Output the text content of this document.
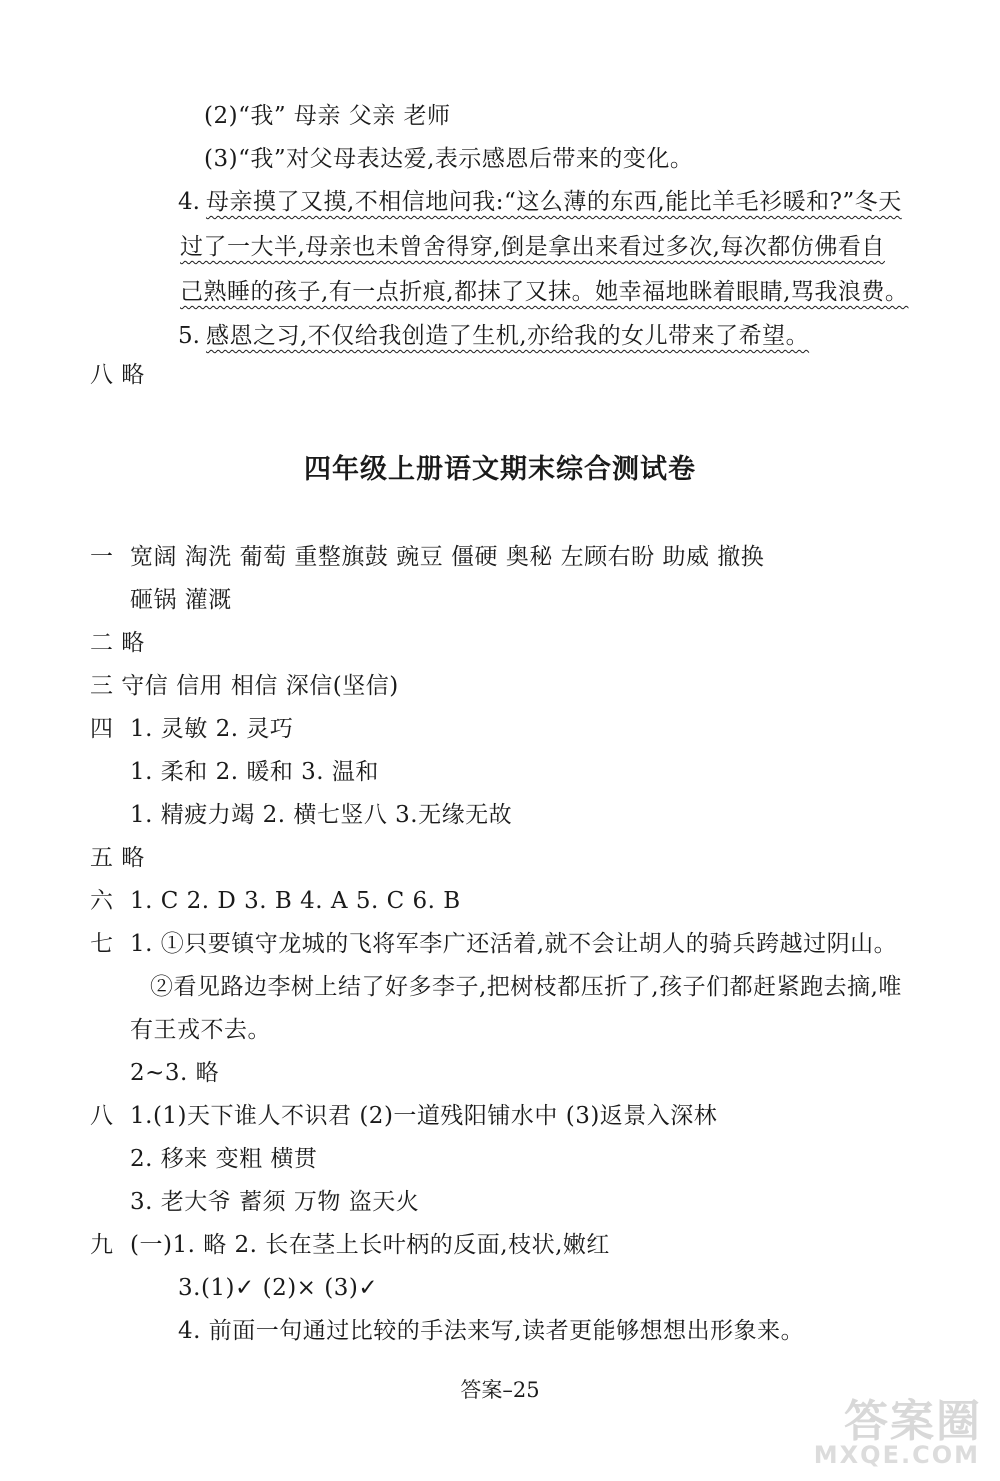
(2)“我” 母亲 父亲 老师
(3)“我”对父母表达爱,表示感恩后带来的变化。
4. 母亲摸了又摸,不相信地问我:“这么薄的东西,能比羊毛衫暖和?”冬天
过了一大半,母亲也未曾舍得穿,倒是拿出来看过多次,每次都仿佛看自
己熟睡的孩子,有一点折痕,都抹了又抹。她幸福地眯着眼睛,骂我浪费。
5. 感恩之习,不仅给我创造了生机,亦给我的女儿带来了希望。
八 略
四年级上册语文期末综合测试卷
一 宽阔 淘洗 葡萄 重整旗鼓 豌豆 僵硬 奥秘 左顾右盼 助威 撤换
砸锅 灌溉
二 略
三 守信 信用 相信 深信(坚信)
四 1. 灵敏 2. 灵巧
1. 柔和 2. 暖和 3. 温和
1. 精疲力竭 2. 横七竖八 3.无缘无故
五 略
六 1. C 2. D 3. B 4. A 5. C 6. B
七 1. ①只要镇守龙城的飞将军李广还活着,就不会让胡人的骑兵跨越过阴山。
②看见路边李树上结了好多李子,把树枝都压折了,孩子们都赶紧跑去摘,唯
有王戎不去。
2~3. 略
八 1.(1)天下谁人不识君 (2)一道残阳铺水中 (3)返景入深林
2. 移来 变粗 横贯
3. 老大爷 蓄须 万物 盗天火
九 (一)1. 略 2. 长在茎上长叶柄的反面,枝状,嫩红
3.(1)✓ (2)× (3)✓
4. 前面一句通过比较的手法来写,读者更能够想想出形象来。
答案–25
答案圈
MXQE.COM
